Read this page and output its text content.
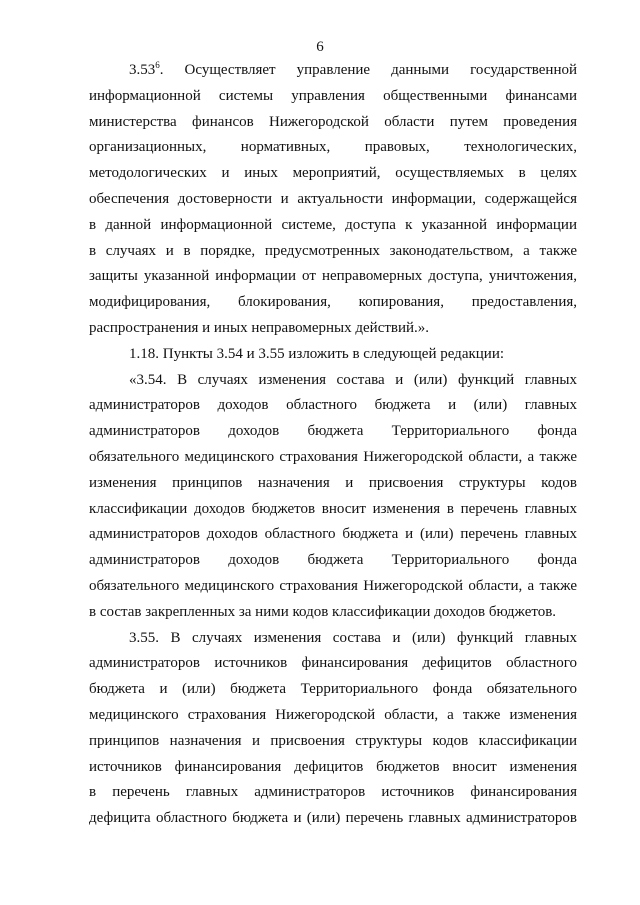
6
3.53$^6$. Осуществляет управление данными государственной
информационной системы управления общественными финансами
министерства финансов Нижегородской области путем проведения
организационных, нормативных, правовых, технологических,
методологических и иных мероприятий, осуществляемых в целях
обеспечения достоверности и актуальности информации, содержащейся
в данной информационной системе, доступа к указанной информации
в случаях и в порядке, предусмотренных законодательством, а также
защиты указанной информации от неправомерных доступа, уничтожения,
модифицирования, блокирования, копирования, предоставления,
распространения и иных неправомерных действий.».
1.18. Пункты 3.54 и 3.55 изложить в следующей редакции:
«3.54. В случаях изменения состава и (или) функций главных
администраторов доходов областного бюджета и (или) главных
администраторов доходов бюджета Территориального фонда
обязательного медицинского страхования Нижегородской области, а также
изменения принципов назначения и присвоения структуры кодов
классификации доходов бюджетов вносит изменения в перечень главных
администраторов доходов областного бюджета и (или) перечень главных
администраторов доходов бюджета Территориального фонда
обязательного медицинского страхования Нижегородской области, а также
в состав закрепленных за ними кодов классификации доходов бюджетов.
3.55. В случаях изменения состава и (или) функций главных
администраторов источников финансирования дефицитов областного
бюджета и (или) бюджета Территориального фонда обязательного
медицинского страхования Нижегородской области, а также изменения
принципов назначения и присвоения структуры кодов классификации
источников финансирования дефицитов бюджетов вносит изменения
в перечень главных администраторов источников финансирования
дефицита областного бюджета и (или) перечень главных администраторов
